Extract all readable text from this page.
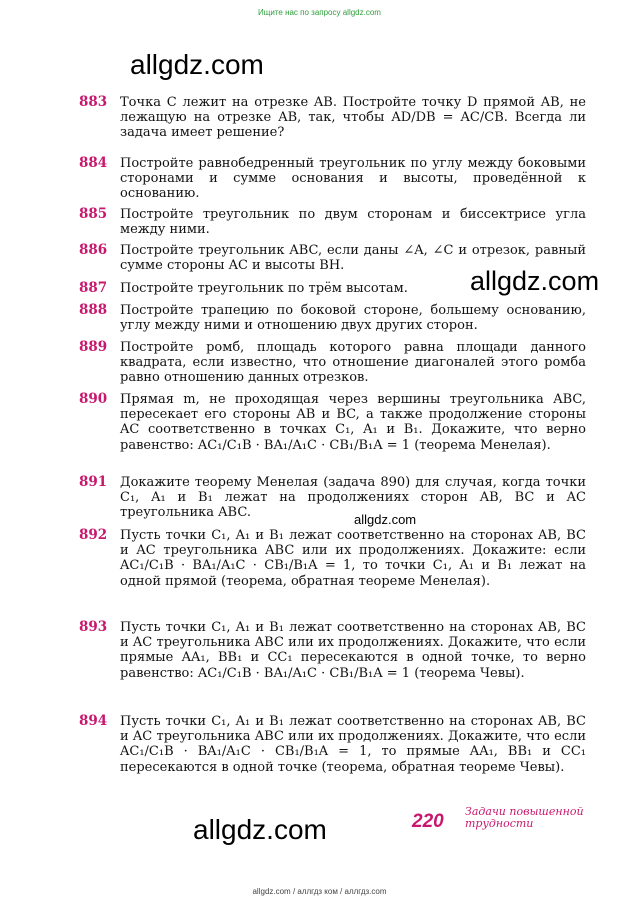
Ищите нас по запросу allgdz.com
allgdz.com
allgdz.com
allgdz.com
allgdz.com
883 Точка C лежит на отрезке AB. Постройте точку D прямой AB, не лежащую на отрезке AB, так, чтобы AD/DB = AC/CB. Всегда ли задача имеет решение?
884 Постройте равнобедренный треугольник по углу между боковыми сторонами и сумме основания и высоты, проведённой к основанию.
885 Постройте треугольник по двум сторонам и биссектрисе угла между ними.
886 Постройте треугольник ABC, если даны ∠A, ∠C и отрезок, равный сумме стороны AC и высоты BH.
887 Постройте треугольник по трём высотам.
888 Постройте трапецию по боковой стороне, большему основанию, углу между ними и отношению двух других сторон.
889 Постройте ромб, площадь которого равна площади данного квадрата, если известно, что отношение диагоналей этого ромба равно отношению данных отрезков.
890 Прямая m, не проходящая через вершины треугольника ABC, пересекает его стороны AB и BC, а также продолжение стороны AC соответственно в точках C₁, A₁ и B₁. Докажите, что верно равенство: AC₁/C₁B · BA₁/A₁C · CB₁/B₁A = 1 (теорема Менелая).
891 Докажите теорему Менелая (задача 890) для случая, когда точки C₁, A₁ и B₁ лежат на продолжениях сторон AB, BC и AC треугольника ABC.
892 Пусть точки C₁, A₁ и B₁ лежат соответственно на сторонах AB, BC и AC треугольника ABC или их продолжениях. Докажите: если AC₁/C₁B · BA₁/A₁C · CB₁/B₁A = 1, то точки C₁, A₁ и B₁ лежат на одной прямой (теорема, обратная теореме Менелая).
893 Пусть точки C₁, A₁ и B₁ лежат соответственно на сторонах AB, BC и AC треугольника ABC или их продолжениях. Докажите, что если прямые AA₁, BB₁ и CC₁ пересекаются в одной точке, то верно равенство: AC₁/C₁B · BA₁/A₁C · CB₁/B₁A = 1 (теорема Чевы).
894 Пусть точки C₁, A₁ и B₁ лежат соответственно на сторонах AB, BC и AC треугольника ABC или их продолжениях. Докажите, что если AC₁/C₁B · BA₁/A₁C · CB₁/B₁A = 1, то прямые AA₁, BB₁ и CC₁ пересекаются в одной точке (теорема, обратная теореме Чевы).
220 Задачи повышенной трудности
allgdz.com / аллгдз ком / аллгдз.com
